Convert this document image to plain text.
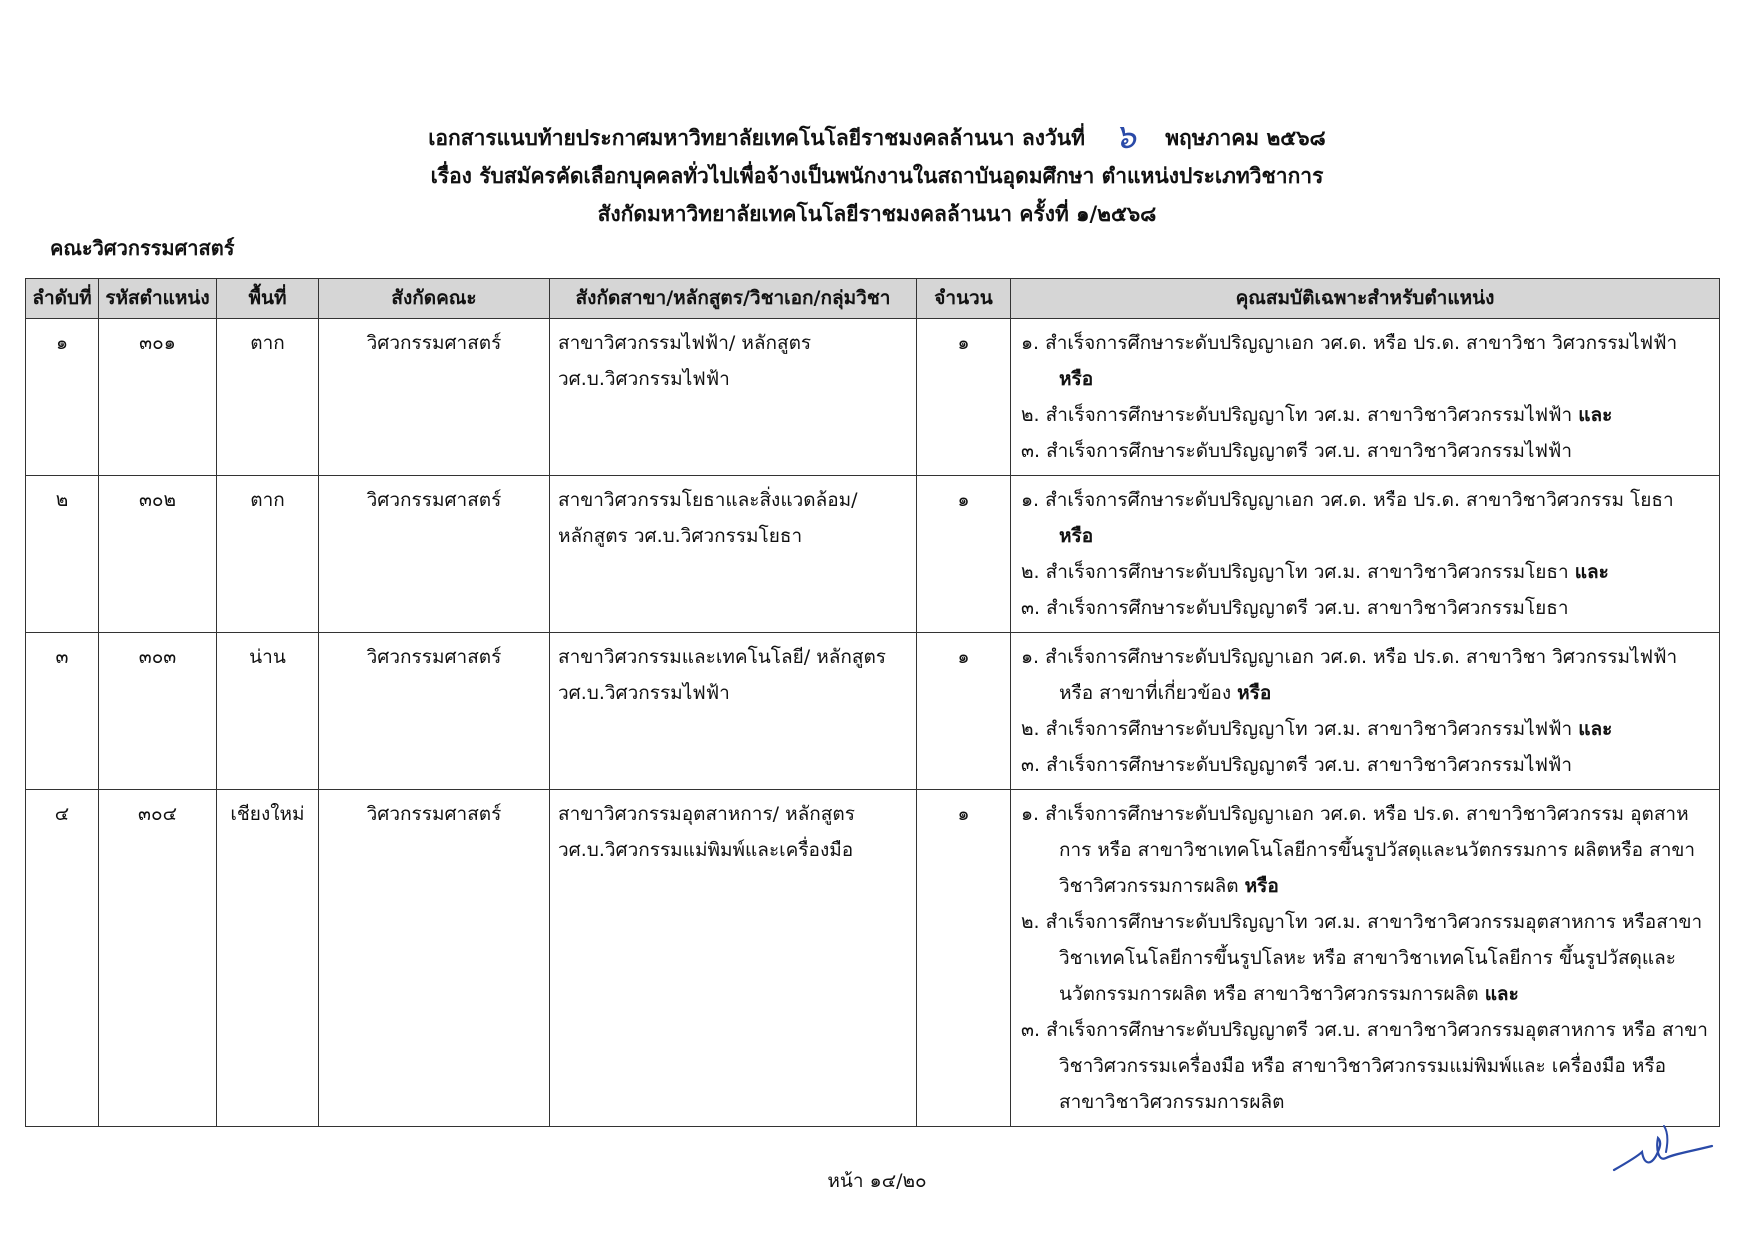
เอกสารแนบท้ายประกาศมหาวิทยาลัยเทคโนโลยีราชมงคลล้านนา ลงวันที่ ๖ พฤษภาคม ๒๕๖๘
เรื่อง รับสมัครคัดเลือกบุคคลทั่วไปเพื่อจ้างเป็นพนักงานในสถาบันอุดมศึกษา ตำแหน่งประเภทวิชาการ
สังกัดมหาวิทยาลัยเทคโนโลยีราชมงคลล้านนา ครั้งที่ ๑/๒๕๖๘
คณะวิศวกรรมศาสตร์
ลำดับที่	รหัสตำแหน่ง	พื้นที่	สังกัดคณะ	สังกัดสาขา/หลักสูตร/วิชาเอก/กลุ่มวิชา	จำนวน	คุณสมบัติเฉพาะสำหรับตำแหน่ง
๑	๓๐๑	ตาก	วิศวกรรมศาสตร์	สาขาวิศวกรรมไฟฟ้า/ หลักสูตร วศ.บ.วิศวกรรมไฟฟ้า	๑	๑. สำเร็จการศึกษาระดับปริญญาเอก วศ.ด. หรือ ปร.ด. สาขาวิชา วิศวกรรมไฟฟ้า หรือ
๒. สำเร็จการศึกษาระดับปริญญาโท วศ.ม. สาขาวิชาวิศวกรรมไฟฟ้า และ
๓. สำเร็จการศึกษาระดับปริญญาตรี วศ.บ. สาขาวิชาวิศวกรรมไฟฟ้า

๒	๓๐๒	ตาก	วิศวกรรมศาสตร์	สาขาวิศวกรรมโยธาและสิ่งแวดล้อม/ หลักสูตร วศ.บ.วิศวกรรมโยธา	๑	๑. สำเร็จการศึกษาระดับปริญญาเอก วศ.ด. หรือ ปร.ด. สาขาวิชาวิศวกรรม โยธา หรือ
๒. สำเร็จการศึกษาระดับปริญญาโท วศ.ม. สาขาวิชาวิศวกรรมโยธา และ
๓. สำเร็จการศึกษาระดับปริญญาตรี วศ.บ. สาขาวิชาวิศวกรรมโยธา

๓	๓๐๓	น่าน	วิศวกรรมศาสตร์	สาขาวิศวกรรมและเทคโนโลยี/ หลักสูตร วศ.บ.วิศวกรรมไฟฟ้า	๑	๑. สำเร็จการศึกษาระดับปริญญาเอก วศ.ด. หรือ ปร.ด. สาขาวิชา วิศวกรรมไฟฟ้า หรือ สาขาที่เกี่ยวข้อง หรือ
๒. สำเร็จการศึกษาระดับปริญญาโท วศ.ม. สาขาวิชาวิศวกรรมไฟฟ้า และ
๓. สำเร็จการศึกษาระดับปริญญาตรี วศ.บ. สาขาวิชาวิศวกรรมไฟฟ้า

๔	๓๐๔	เชียงใหม่	วิศวกรรมศาสตร์	สาขาวิศวกรรมอุตสาหการ/ หลักสูตร วศ.บ.วิศวกรรมแม่พิมพ์และเครื่องมือ	๑	๑. สำเร็จการศึกษาระดับปริญญาเอก วศ.ด. หรือ ปร.ด. สาขาวิชาวิศวกรรม อุตสาหการ หรือ สาขาวิชาเทคโนโลยีการขึ้นรูปวัสดุและนวัตกรรมการ ผลิตหรือ สาขาวิชาวิศวกรรมการผลิต หรือ
๒. สำเร็จการศึกษาระดับปริญญาโท วศ.ม. สาขาวิชาวิศวกรรมอุตสาหการ หรือสาขาวิชาเทคโนโลยีการขึ้นรูปโลหะ หรือ สาขาวิชาเทคโนโลยีการ ขึ้นรูปวัสดุและนวัตกรรมการผลิต หรือ สาขาวิชาวิศวกรรมการผลิต และ
๓. สำเร็จการศึกษาระดับปริญญาตรี วศ.บ. สาขาวิชาวิศวกรรมอุตสาหการ หรือ สาขาวิชาวิศวกรรมเครื่องมือ หรือ สาขาวิชาวิศวกรรมแม่พิมพ์และ เครื่องมือ หรือ สาขาวิชาวิศวกรรมการผลิต
หน้า ๑๔/๒๐
